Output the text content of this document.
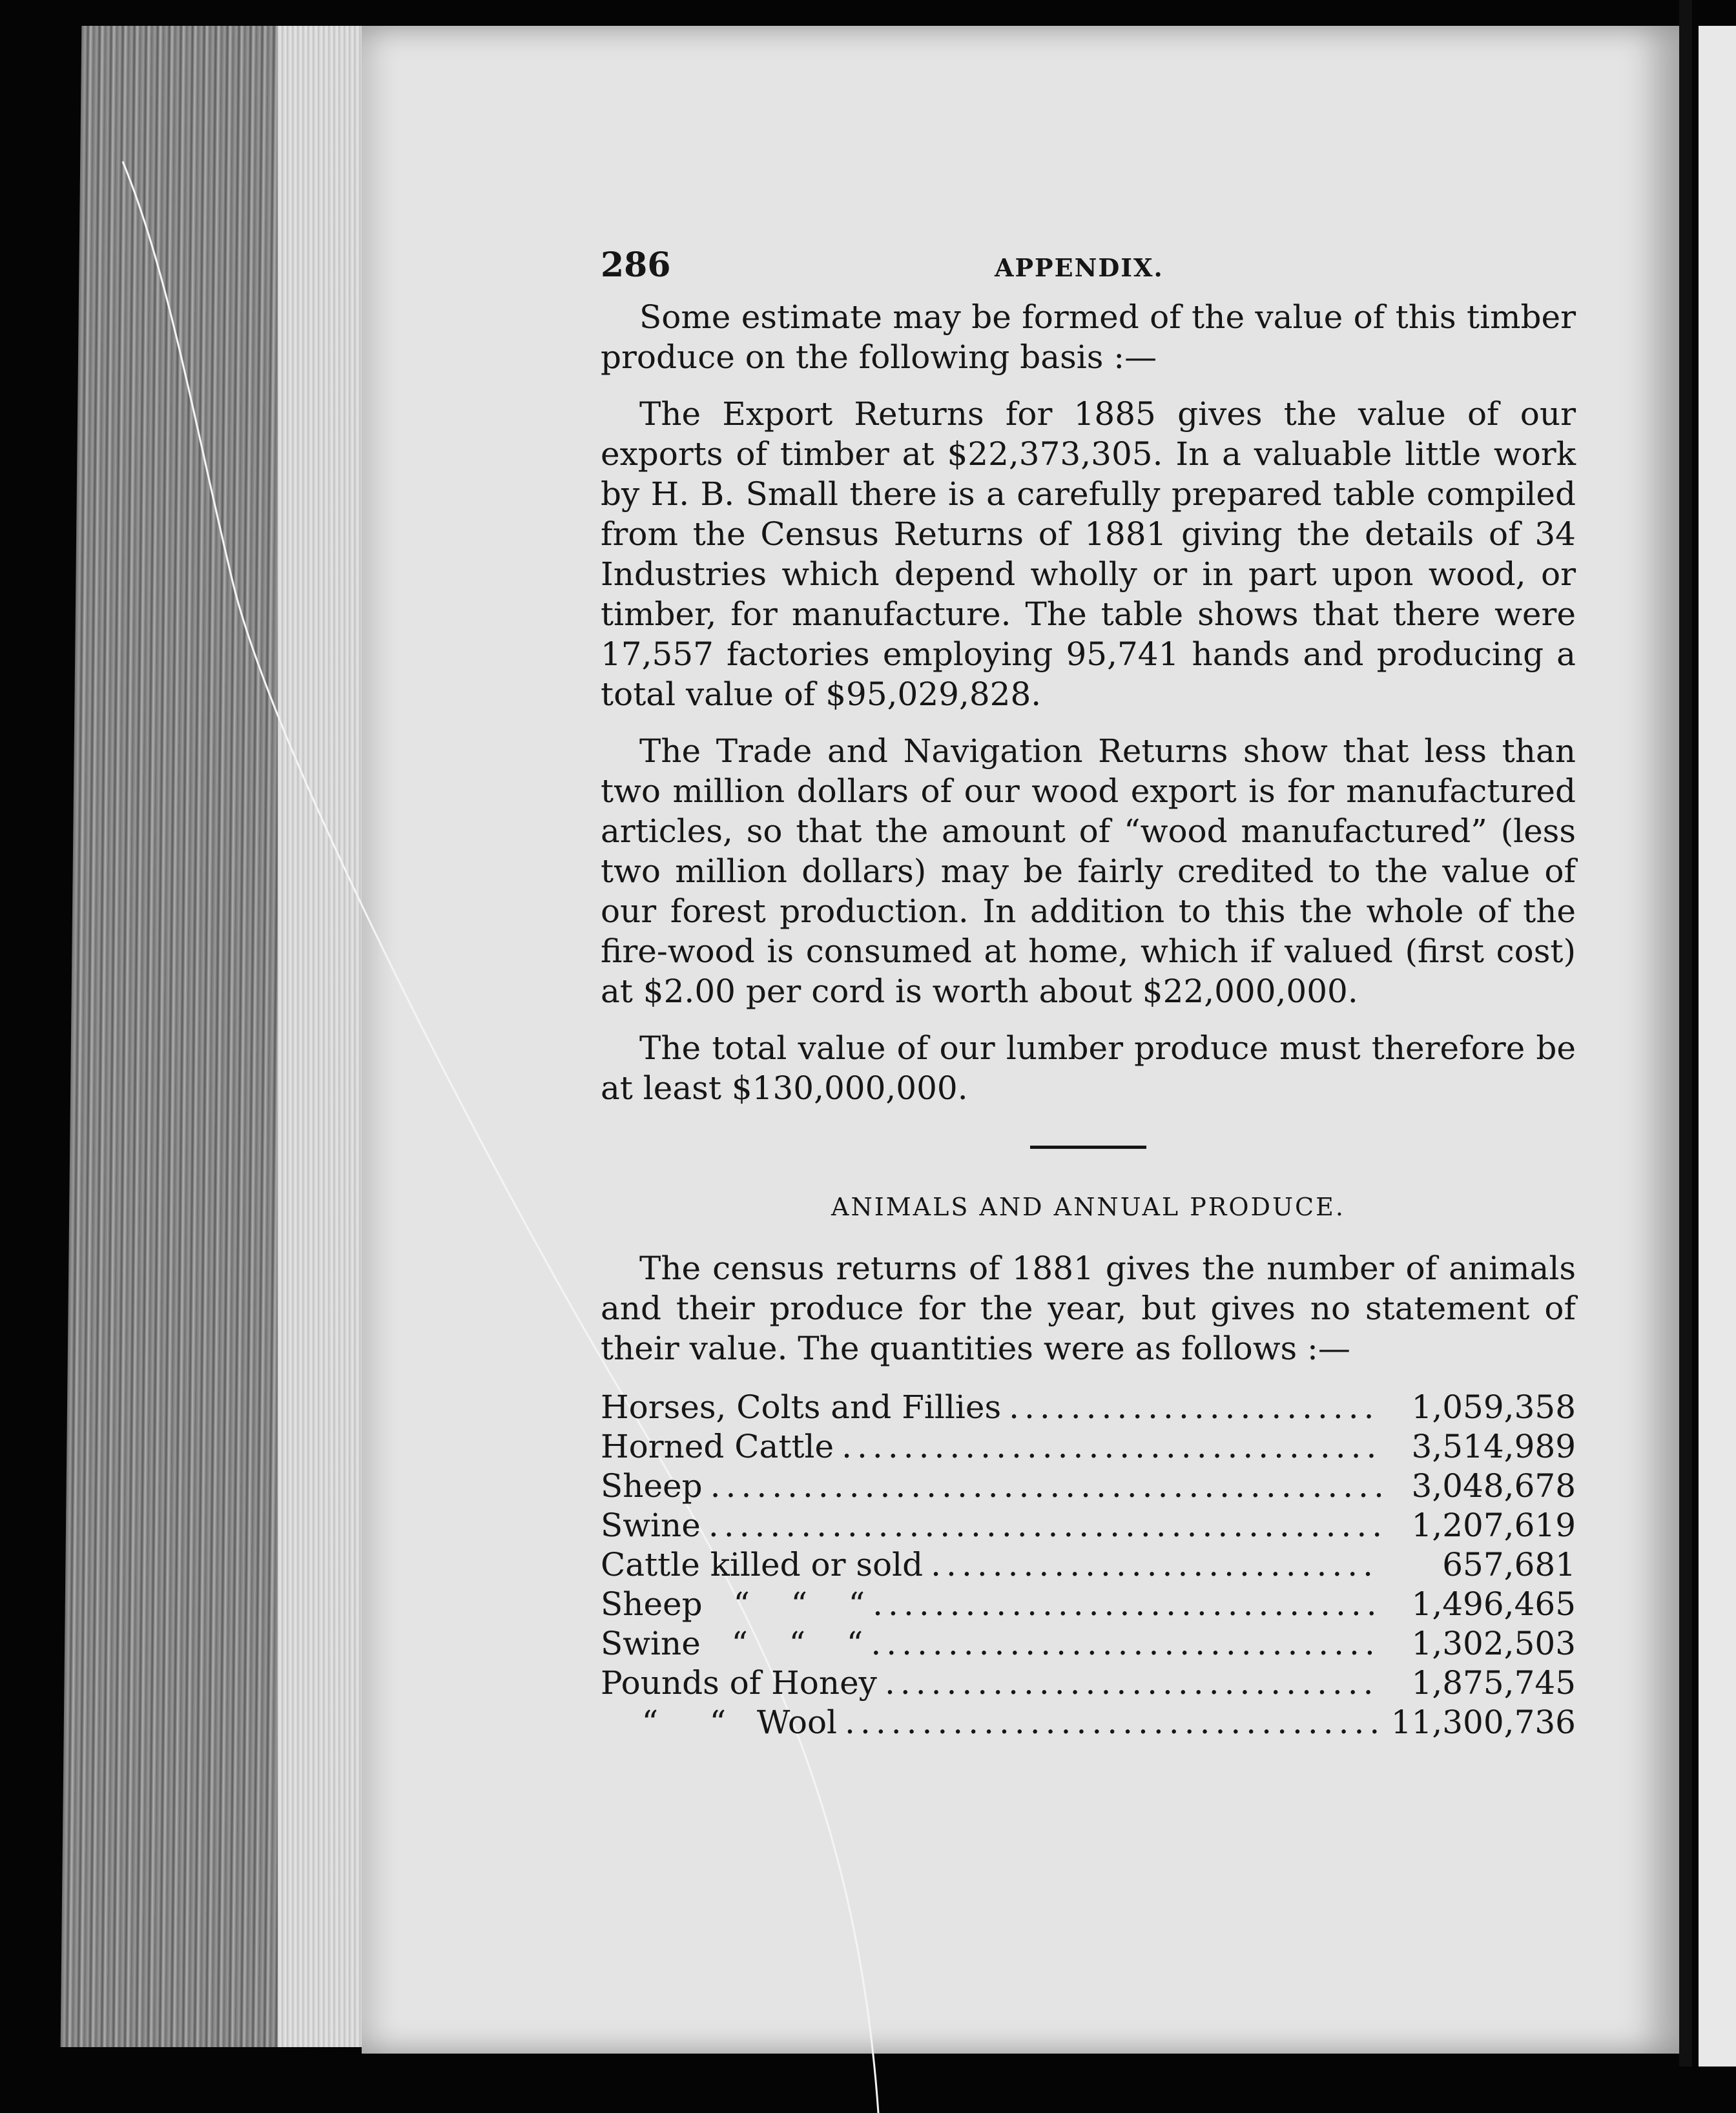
286	APPENDIX.

Some estimate may be formed of the value of this timber produce on the following basis :—

The Export Returns for 1885 gives the value of our exports of timber at $22,373,305. In a valuable little work by H. B. Small there is a carefully prepared table compiled from the Census Returns of 1881 giving the details of 34 Industries which depend wholly or in part upon wood, or timber, for manufacture. The table shows that there were 17,557 factories employing 95,741 hands and producing a total value of $95,029,828.

The Trade and Navigation Returns show that less than two million dollars of our wood export is for manufactured articles, so that the amount of “wood manufactured” (less two million dollars) may be fairly credited to the value of our forest production. In addition to this the whole of the fire-wood is consumed at home, which if valued (first cost) at $2.00 per cord is worth about $22,000,000.

The total value of our lumber produce must therefore be at least $130,000,000.

ANIMALS AND ANNUAL PRODUCE.

The census returns of 1881 gives the number of animals and their produce for the year, but gives no statement of their value. The quantities were as follows :—

Horses, Colts and Fillies .....	1,059,358
Horned Cattle .....	3,514,989
Sheep .....	3,048,678
Swine .....	1,207,619
Cattle killed or sold .....	657,681
Sheep   “    “    “ .....	1,496,465
Swine   “    “    “ .....	1,302,503
Pounds of Honey .....	1,875,745
“     “   Wool .....	11,300,736
